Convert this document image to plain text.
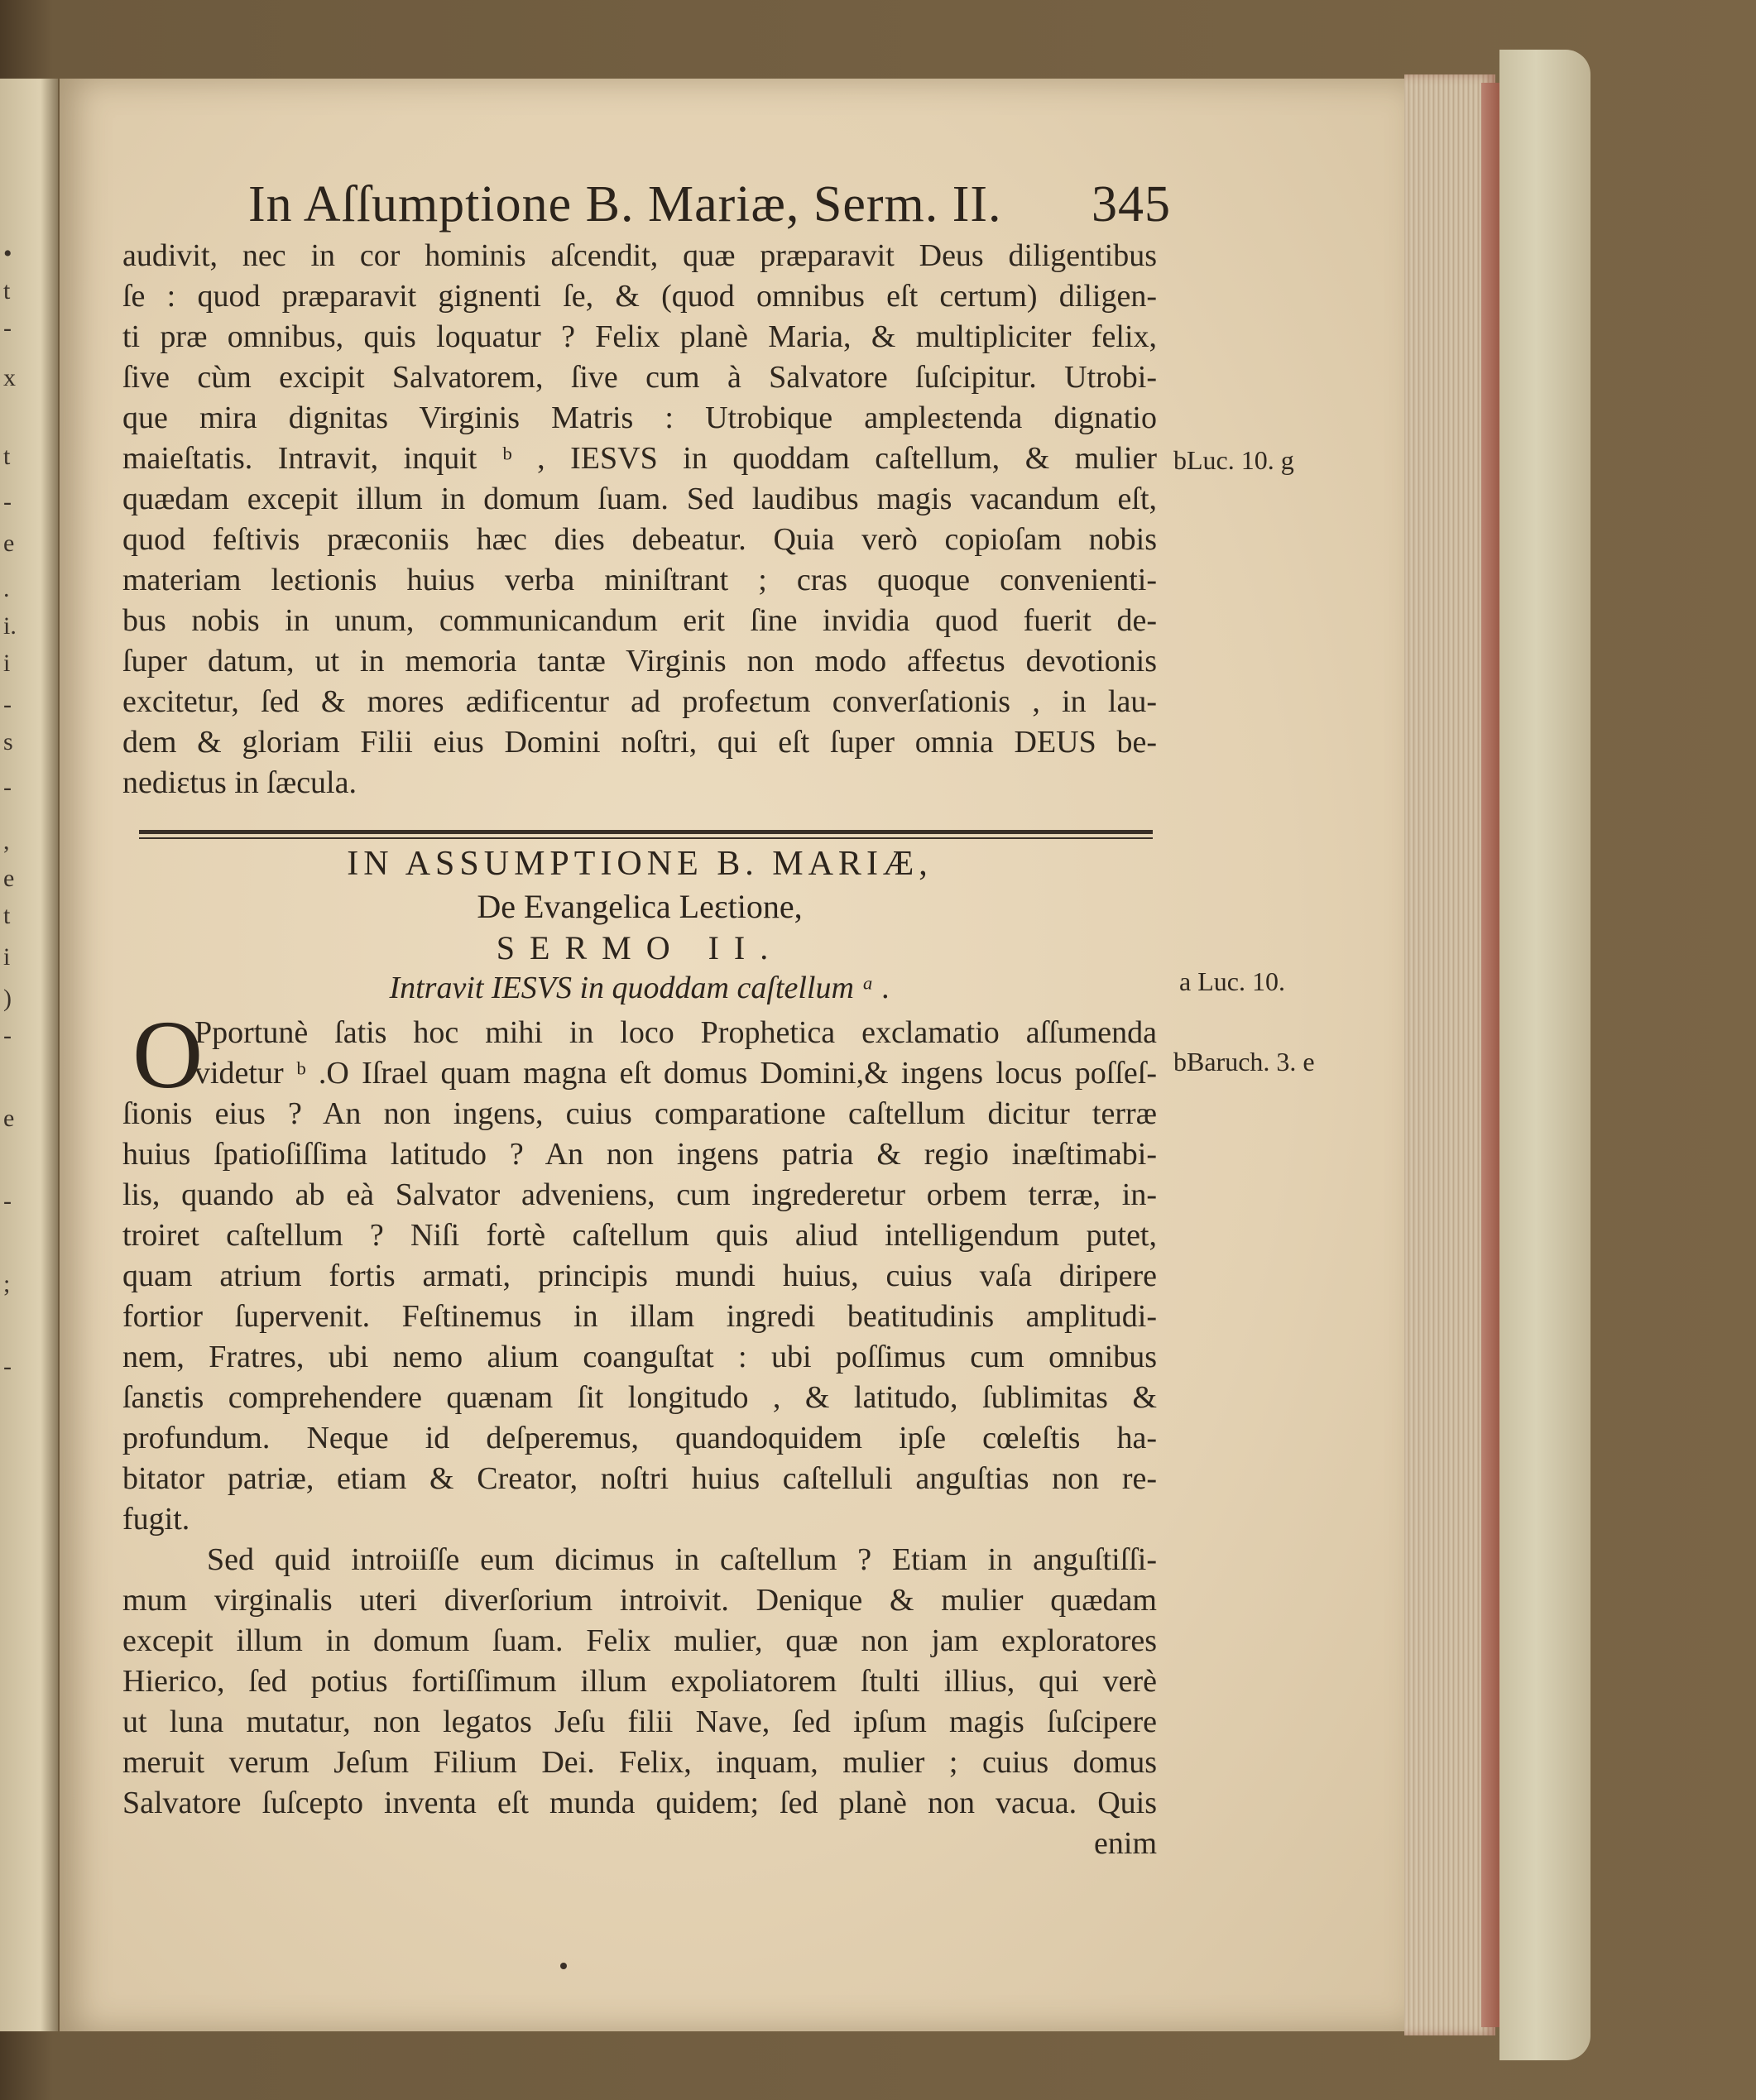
•
t
-
x
t
-
e
.
i.
i
-
s
-
,
e
t
i
)
-
e
-
;
-
In Aſſumptione B. Mariæ, Serm. II. 345
audivit, nec in cor hominis aſcendit, quæ præparavit Deus diligentibus
ſe : quod præparavit gignenti ſe, & (quod omnibus eſt certum) diligen-
ti præ omnibus, quis loquatur ? Felix planè Maria, & multipliciter felix,
ſive cùm excipit Salvatorem, ſive cum à Salvatore ſuſcipitur. Utrobi-
que mira dignitas Virginis Matris : Utrobique ampleɛtenda dignatio
maieſtatis. Intravit, inquit ᵇ , IESVS in quoddam caſtellum, & mulier
quædam excepit illum in domum ſuam. Sed laudibus magis vacandum eſt,
quod feſtivis præconiis hæc dies debeatur. Quia verò copioſam nobis
materiam leɛtionis huius verba miniſtrant ; cras quoque convenienti-
bus nobis in unum, communicandum erit ſine invidia quod fuerit de-
ſuper datum, ut in memoria tantæ Virginis non modo affeɛtus devotionis
excitetur, ſed & mores ædificentur ad profeɛtum converſationis , in lau-
dem & gloriam Filii eius Domini noſtri, qui eſt ſuper omnia DEUS be-
nediɛtus in ſæcula.
IN ASSUMPTIONE B. MARIÆ,
De Evangelica Leɛtione,
SERMO II.
Intravit IESVS in quoddam caſtellum ᵃ .
O
Pportunè ſatis hoc mihi in loco Prophetica exclamatio aſſumenda
videtur ᵇ .O Iſrael quam magna eſt domus Domini,& ingens locus poſſeſ-
ſionis eius ? An non ingens, cuius comparatione caſtellum dicitur terræ
huius ſpatioſiſſima latitudo ? An non ingens patria & regio inæſtimabi-
lis, quando ab eà Salvator adveniens, cum ingrederetur orbem terræ, in-
troiret caſtellum ? Niſi fortè caſtellum quis aliud intelligendum putet,
quam atrium fortis armati, principis mundi huius, cuius vaſa diripere
fortior ſupervenit. Feſtinemus in illam ingredi beatitudinis amplitudi-
nem, Fratres, ubi nemo alium coanguſtat : ubi poſſimus cum omnibus
ſanɛtis comprehendere quænam ſit longitudo , & latitudo, ſublimitas &
profundum. Neque id deſperemus, quandoquidem ipſe cœleſtis ha-
bitator patriæ, etiam & Creator, noſtri huius caſtelluli anguſtias non re-
fugit.
Sed quid introiiſſe eum dicimus in caſtellum ? Etiam in anguſtiſſi-
mum virginalis uteri diverſorium introivit. Denique & mulier quædam
excepit illum in domum ſuam. Felix mulier, quæ non jam exploratores
Hierico, ſed potius fortiſſimum illum expoliatorem ſtulti illius, qui verè
ut luna mutatur, non legatos Jeſu filii Nave, ſed ipſum magis ſuſcipere
meruit verum Jeſum Filium Dei. Felix, inquam, mulier ; cuius domus
Salvatore ſuſcepto inventa eſt munda quidem; ſed planè non vacua. Quis
enim
bLuc. 10. g
a Luc. 10.
bBaruch. 3. e
